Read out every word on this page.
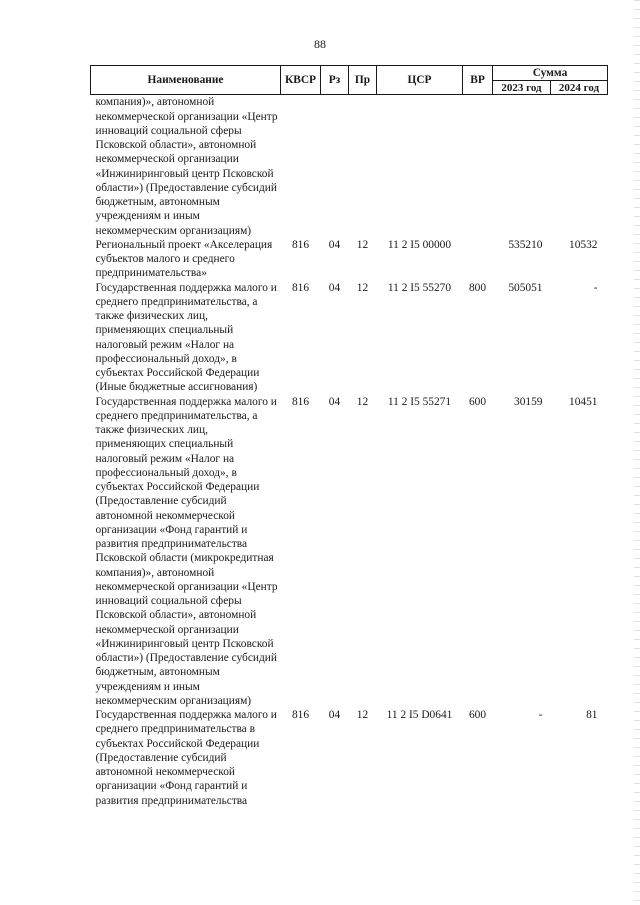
88
Наименование	КВСР	Рз	Пр	ЦСР	ВР	Сумма	
						2023 год	2024 год
компания)», автономной некоммерческой организации «Центр инноваций социальной сферы Псковской области», автономной некоммерческой организации «Инжиниринговый центр Псковской области») (Предоставление субсидий бюджетным, автономным учреждениям и иным некоммерческим организациям)							
Региональный проект «Акселерация субъектов малого и среднего предпринимательства»	816	04	12	11 2 I5 00000		535210	10532
Государственная поддержка малого и среднего предпринимательства, а также физических лиц, применяющих специальный налоговый режим «Налог на профессиональный доход», в субъектах Российской Федерации (Иные бюджетные ассигнования)	816	04	12	11 2 I5 55270	800	505051	-
Государственная поддержка малого и среднего предпринимательства, а также физических лиц, применяющих специальный налоговый режим «Налог на профессиональный доход», в субъектах Российской Федерации (Предоставление субсидий автономной некоммерческой организации «Фонд гарантий и развития предпринимательства Псковской области (микрокредитная компания)», автономной некоммерческой организации «Центр инноваций социальной сферы Псковской области», автономной некоммерческой организации «Инжиниринговый центр Псковской области») (Предоставление субсидий бюджетным, автономным учреждениям и иным некоммерческим организациям)	816	04	12	11 2 I5 55271	600	30159	10451
Государственная поддержка малого и среднего предпринимательства в субъектах Российской Федерации (Предоставление субсидий автономной некоммерческой организации «Фонд гарантий и развития предпринимательства	816	04	12	11 2 I5 D0641	600	-	81
